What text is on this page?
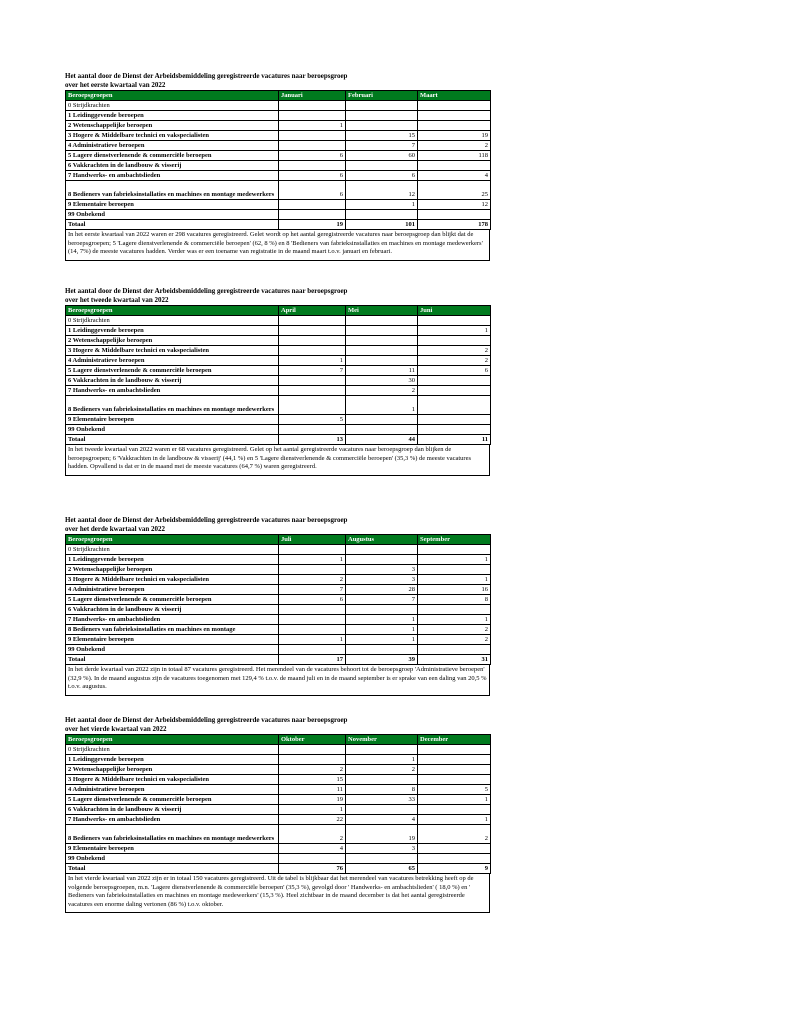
Het aantal door de Dienst der Arbeidsbemiddeling geregistreerde vacatures naar beroepsgroep
over het eerste kwartaal van 2022
Beroepsgroepen	Januari	Februari	Maart
0 Strijdkrachten			
1 Leidinggevende beroepen			
2 Wetenschappelijke beroepen	1		
3 Hogere & Middelbare technici en vakspecialisten		15	19
4 Administratieve beroepen		7	2
5 Lagere dienstverlenende & commerciële beroepen	6	60	118
6 Vakkrachten in de landbouw & visserij			
7 Handwerks- en ambachtslieden	6	6	4
8 Bedieners van fabrieksinstallaties en machines en montage medewerkers	6	12	25
9 Elementaire beroepen		1	12
99 Onbekend			
Totaal	19	101	178
In het eerste kwartaal van 2022 waren er 298 vacatures geregistreerd. Gelet wordt op het aantal geregistreerde vacatures naar beroepsgroep dan blijkt dat de beroepsgroepen; 5 'Lagere dienstverlenende & commerciële beroepen' (62, 8 %) en 8 'Bedieners van fabrieksinstallaties en machines en montage medewerkers' (14, 7%) de meeste vacatures hadden. Verder was er een toename van registratie in de maand maart t.o.v. januari en februari.
Het aantal door de Dienst der Arbeidsbemiddeling geregistreerde vacatures naar beroepsgroep
over het tweede kwartaal van 2022
Beroepsgroepen	April	Mei	Juni
0 Strijdkrachten			
1 Leidinggevende beroepen			1
2 Wetenschappelijke beroepen			
3 Hogere & Middelbare technici en vakspecialisten			2
4 Administratieve beroepen	1		2
5 Lagere dienstverlenende & commerciële beroepen	7	11	6
6 Vakkrachten in de landbouw & visserij		30	
7 Handwerks- en ambachtslieden		2	
8 Bedieners van fabrieksinstallaties en machines en montage medewerkers		1	
9 Elementaire beroepen	5		
99 Onbekend			
Totaal	13	44	11
In het tweede kwartaal van 2022 waren er 68 vacatures geregistreerd. Gelet op het aantal geregistreerde vacatures naar beroepsgroep dan blijken de beroepsgroepen; 6 'Vakkrachten in de landbouw & visserij' (44,1 %) en 5 'Lagere dienstverlenende & commerciële beroepen' (35,3 %) de meeste vacatures hadden. Opvallend is dat er in de maand mei de meeste vacatures (64,7 %) waren geregistreerd.
Het aantal door de Dienst der Arbeidsbemiddeling geregistreerde vacatures naar beroepsgroep
over het derde kwartaal van 2022
Beroepsgroepen	Juli	Augustus	September
0 Strijdkrachten			
1 Leidinggevende beroepen	1		1
2 Wetenschappelijke beroepen		3	
3 Hogere & Middelbare technici en vakspecialisten	2	3	1
4 Administratieve beroepen	7	28	16
5 Lagere dienstverlenende & commerciële beroepen	6	7	8
6 Vakkrachten in de landbouw & visserij			
7 Handwerks- en ambachtslieden		1	1
8 Bedieners van fabrieksinstallaties en machines en montage		1	2
9 Elementaire beroepen	1	1	2
99 Onbekend			
Totaal	17	39	31
In het derde kwartaal van 2022 zijn in totaal 87 vacatures geregistreerd. Het merendeel van de vacatures behoort tot de beroepsgroep 'Administratieve beroepen' (32,9 %). In de maand augustus zijn de vacatures toegenomen met 129,4 % t.o.v. de maand juli en in de maand september is er sprake van een daling van 20,5 % t.o.v. augustus.
Het aantal door de Dienst der Arbeidsbemiddeling geregistreerde vacatures naar beroepsgroep
over het vierde kwartaal van 2022
Beroepsgroepen	Oktober	November	December
0 Strijdkrachten			
1 Leidinggevende beroepen		1	
2 Wetenschappelijke beroepen	2	2	
3 Hogere & Middelbare technici en vakspecialisten	15		
4 Administratieve beroepen	11	8	5
5 Lagere dienstverlenende & commerciële beroepen	19	33	1
6 Vakkrachten in de landbouw & visserij	1		
7 Handwerks- en ambachtslieden	22	4	1
8 Bedieners van fabrieksinstallaties en machines en montage medewerkers	2	19	2
9 Elementaire beroepen	4	3	
99 Onbekend			
Totaal	76	65	9
In het vierde kwartaal van 2022 zijn er in totaal 150 vacatures geregistreerd. Uit de tabel is blijkbaar dat het merendeel van vacatures betrekking heeft op de volgende beroepsgroepen, m.n. 'Lagere dienstverlenende & commerciële beroepen' (35,3 %), gevolgd door ' Handwerks- en ambachtslieden' ( 18,0 %) en ' Bedieners van fabrieksinstallaties en machines en montage medewerkers' (15,3 %). Heel zichtbaar in de maand december is dat het aantal geregistreerde vacatures een enorme daling vertonen (86 %) t.o.v. oktober.
